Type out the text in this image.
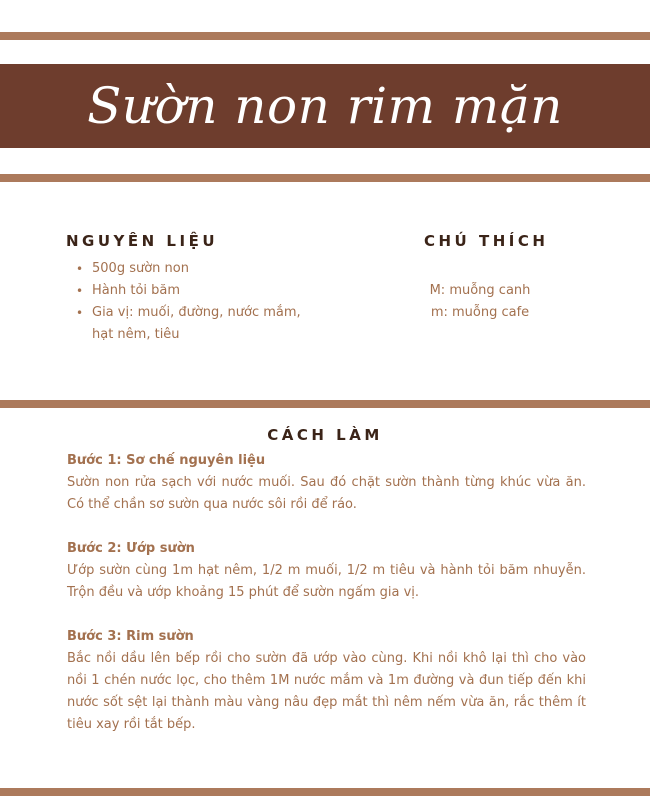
Sườn non rim mặn
NGUYÊN LIỆU
• 500g sườn non
• Hành tỏi băm
• Gia vị: muối, đường, nước mắm, hạt nêm, tiêu
CHÚ THÍCH
M: muỗng canh
m: muỗng cafe
CÁCH LÀM
Bước 1: Sơ chế nguyên liệu
Sườn non rửa sạch với nước muối. Sau đó chặt sườn thành từng khúc vừa ăn. Có thể chần sơ sườn qua nước sôi rồi để ráo.
Bước 2: Ướp sườn
Ướp sườn cùng 1m hạt nêm, 1/2 m muối, 1/2 m tiêu và hành tỏi băm nhuyễn. Trộn đều và ướp khoảng 15 phút để sườn ngấm gia vị.
Bước 3: Rim sườn
Bắc nồi dầu lên bếp rồi cho sườn đã ướp vào cùng. Khi nồi khô lại thì cho vào nồi 1 chén nước lọc, cho thêm 1M nước mắm và 1m đường và đun tiếp đến khi nước sốt sệt lại thành màu vàng nâu đẹp mắt thì nêm nếm vừa ăn, rắc thêm ít tiêu xay rồi tắt bếp.
